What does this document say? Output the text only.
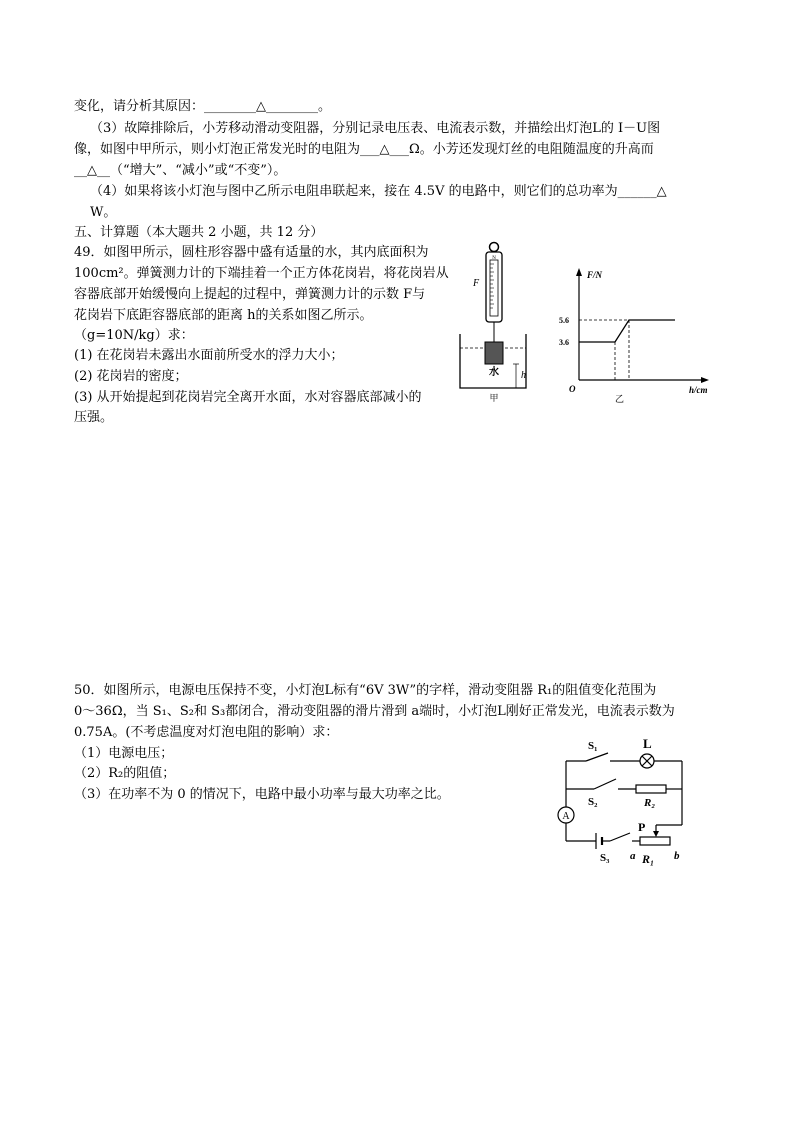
变化，请分析其原因：________△________。
（3）故障排除后，小芳移动滑动变阻器，分别记录电压表、电流表示数，并描绘出灯泡L的 I－U图
像，如图中甲所示，则小灯泡正常发光时的电阻为___△___Ω。小芳还发现灯丝的电阻随温度的升高而
__△__（“增大”、“减小”或“不变”）。
（4）如果将该小灯泡与图中乙所示电阻串联起来，接在 4.5V 的电路中，则它们的总功率为______△
W。
五、计算题（本大题共 2 小题，共 12 分）
49．如图甲所示，圆柱形容器中盛有适量的水，其内底面积为
100cm²。弹簧测力计的下端挂着一个正方体花岗岩，将花岗岩从
容器底部开始缓慢向上提起的过程中，弹簧测力计的示数 F与
花岗岩下底距容器底部的距离 h的关系如图乙所示。
（g=10N/kg）求：
(1) 在花岗岩未露出水面前所受水的浮力大小；
(2) 花岗岩的密度；
(3) 从开始提起到花岗岩完全离开水面，水对容器底部减小的
压强。
N
F
水 h
甲
F/N
h/cm
O
5.6
3.6
乙
50．如图所示，电源电压保持不变，小灯泡L标有“6V 3W”的字样，滑动变阻器 R₁的阻值变化范围为
0～36Ω，当 S₁、S₂和 S₃都闭合，滑动变阻器的滑片滑到 a端时，小灯泡L刚好正常发光，电流表示数为
0.75A。(不考虑温度对灯泡电阻的影响）求：
（1）电源电压；
（2）R₂的阻值；
（3）在功率不为 0 的情况下，电路中最小功率与最大功率之比。
S₁	L
S₂	R₂
A
P
S₃ a R₁ b
